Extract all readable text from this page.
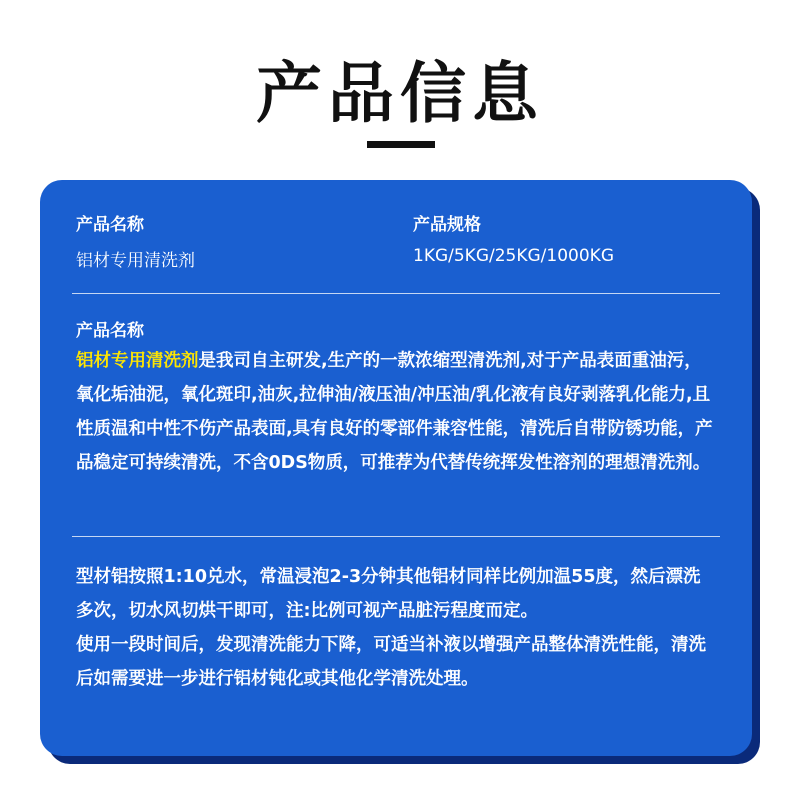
产品信息

产品名称

铝材专用清洗剂

产品规格

1KG/5KG/25KG/1000KG

产品名称

铝材专用清洗剂是我司自主研发,生产的一款浓缩型清洗剂,对于产品表面重油污，氧化垢油泥，氧化斑印,油灰,拉伸油/液压油/冲压油/乳化液有良好剥落乳化能力,且性质温和中性不伤产品表面,具有良好的零部件兼容性能，清洗后自带防锈功能，产品稳定可持续清洗，不含0DS物质，可推荐为代替传统挥发性溶剂的理想清洗剂。

型材铝按照1:10兑水，常温浸泡2-3分钟其他铝材同样比例加温55度，然后漂洗多次，切水风切烘干即可，注:比例可视产品脏污程度而定。

使用一段时间后，发现清洗能力下降，可适当补液以增强产品整体清洗性能，清洗后如需要进一步进行铝材钝化或其他化学清洗处理。
